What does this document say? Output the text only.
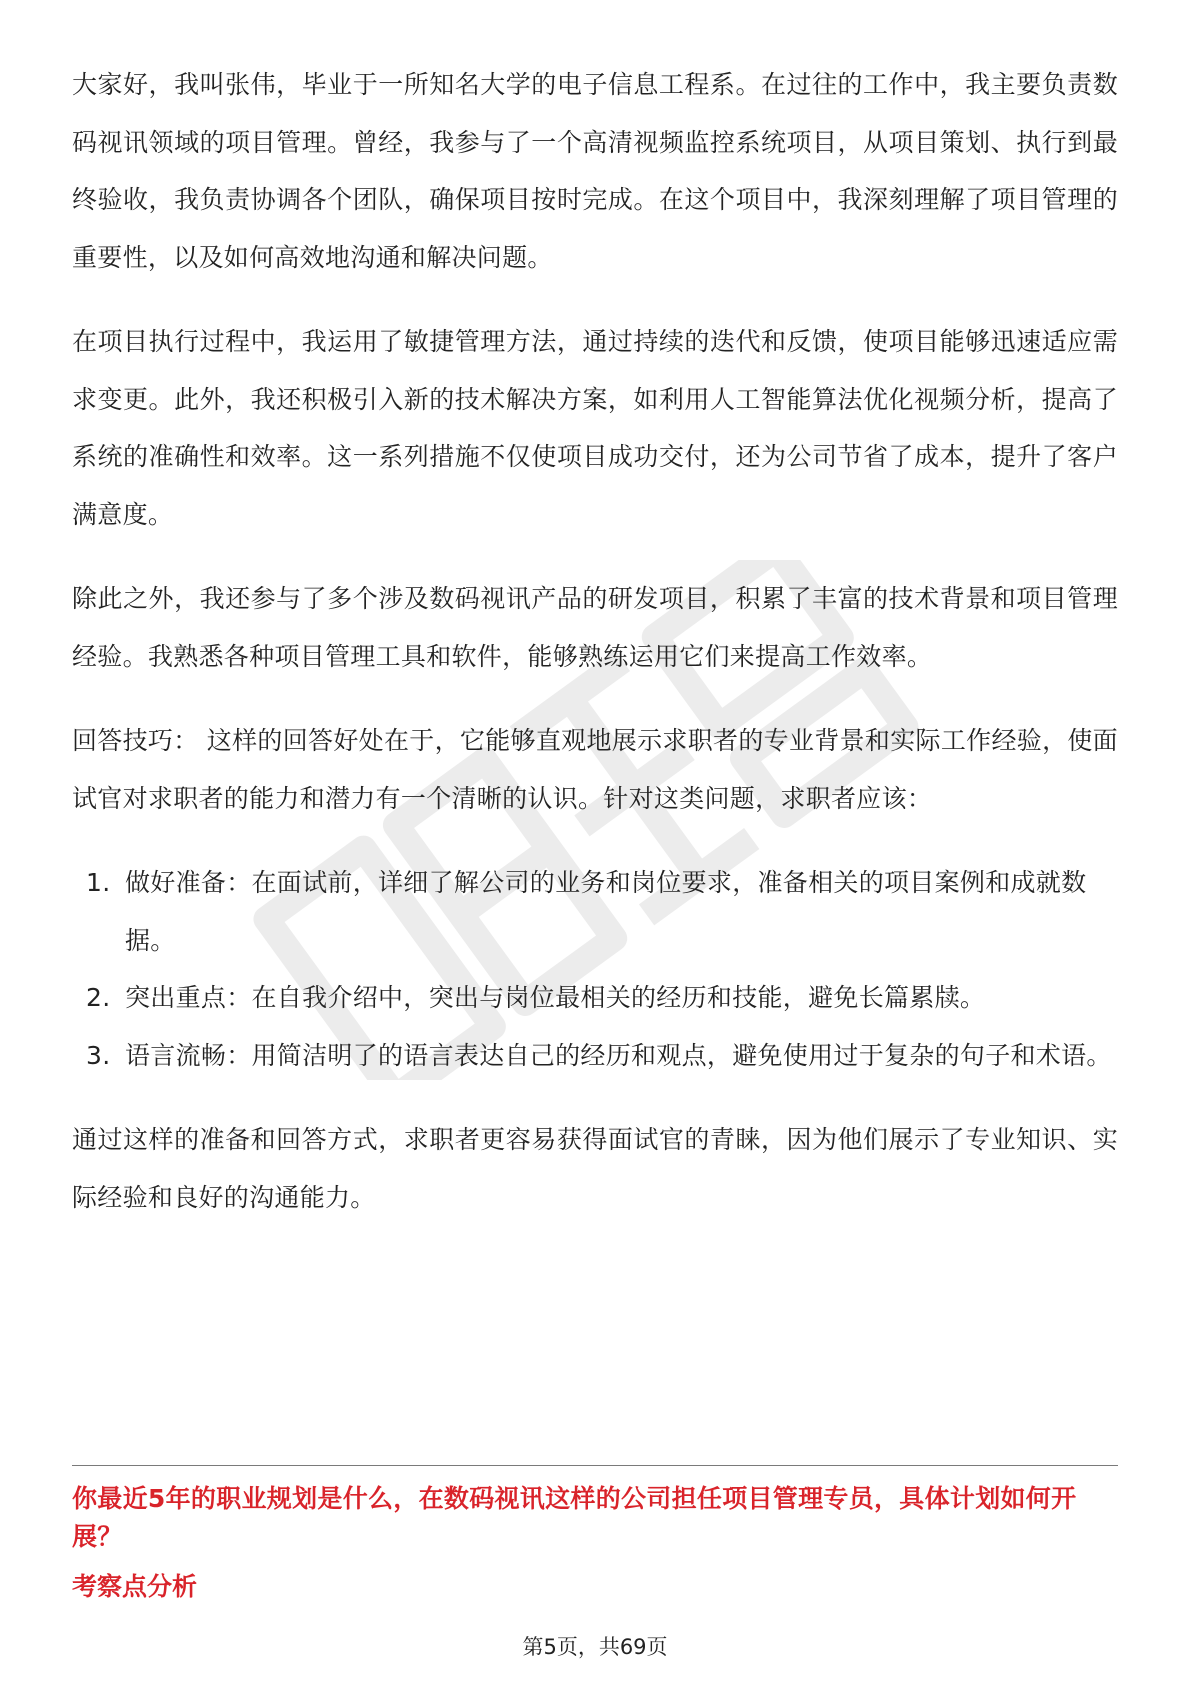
大家好，我叫张伟，毕业于一所知名大学的电子信息工程系。在过往的工作中，我主要负责数码视讯领域的项目管理。曾经，我参与了一个高清视频监控系统项目，从项目策划、执行到最终验收，我负责协调各个团队，确保项目按时完成。在这个项目中，我深刻理解了项目管理的重要性，以及如何高效地沟通和解决问题。

在项目执行过程中，我运用了敏捷管理方法，通过持续的迭代和反馈，使项目能够迅速适应需求变更。此外，我还积极引入新的技术解决方案，如利用人工智能算法优化视频分析，提高了系统的准确性和效率。这一系列措施不仅使项目成功交付，还为公司节省了成本，提升了客户满意度。

除此之外，我还参与了多个涉及数码视讯产品的研发项目，积累了丰富的技术背景和项目管理经验。我熟悉各种项目管理工具和软件，能够熟练运用它们来提高工作效率。

回答技巧： 这样的回答好处在于，它能够直观地展示求职者的专业背景和实际工作经验，使面试官对求职者的能力和潜力有一个清晰的认识。针对这类问题，求职者应该：

1. 做好准备：在面试前，详细了解公司的业务和岗位要求，准备相关的项目案例和成就数据。
2. 突出重点：在自我介绍中，突出与岗位最相关的经历和技能，避免长篇累牍。
3. 语言流畅：用简洁明了的语言表达自己的经历和观点，避免使用过于复杂的句子和术语。

通过这样的准备和回答方式，求职者更容易获得面试官的青睐，因为他们展示了专业知识、实际经验和良好的沟通能力。

你最近5年的职业规划是什么，在数码视讯这样的公司担任项目管理专员，具体计划如何开展？
考察点分析
第5页，共69页
